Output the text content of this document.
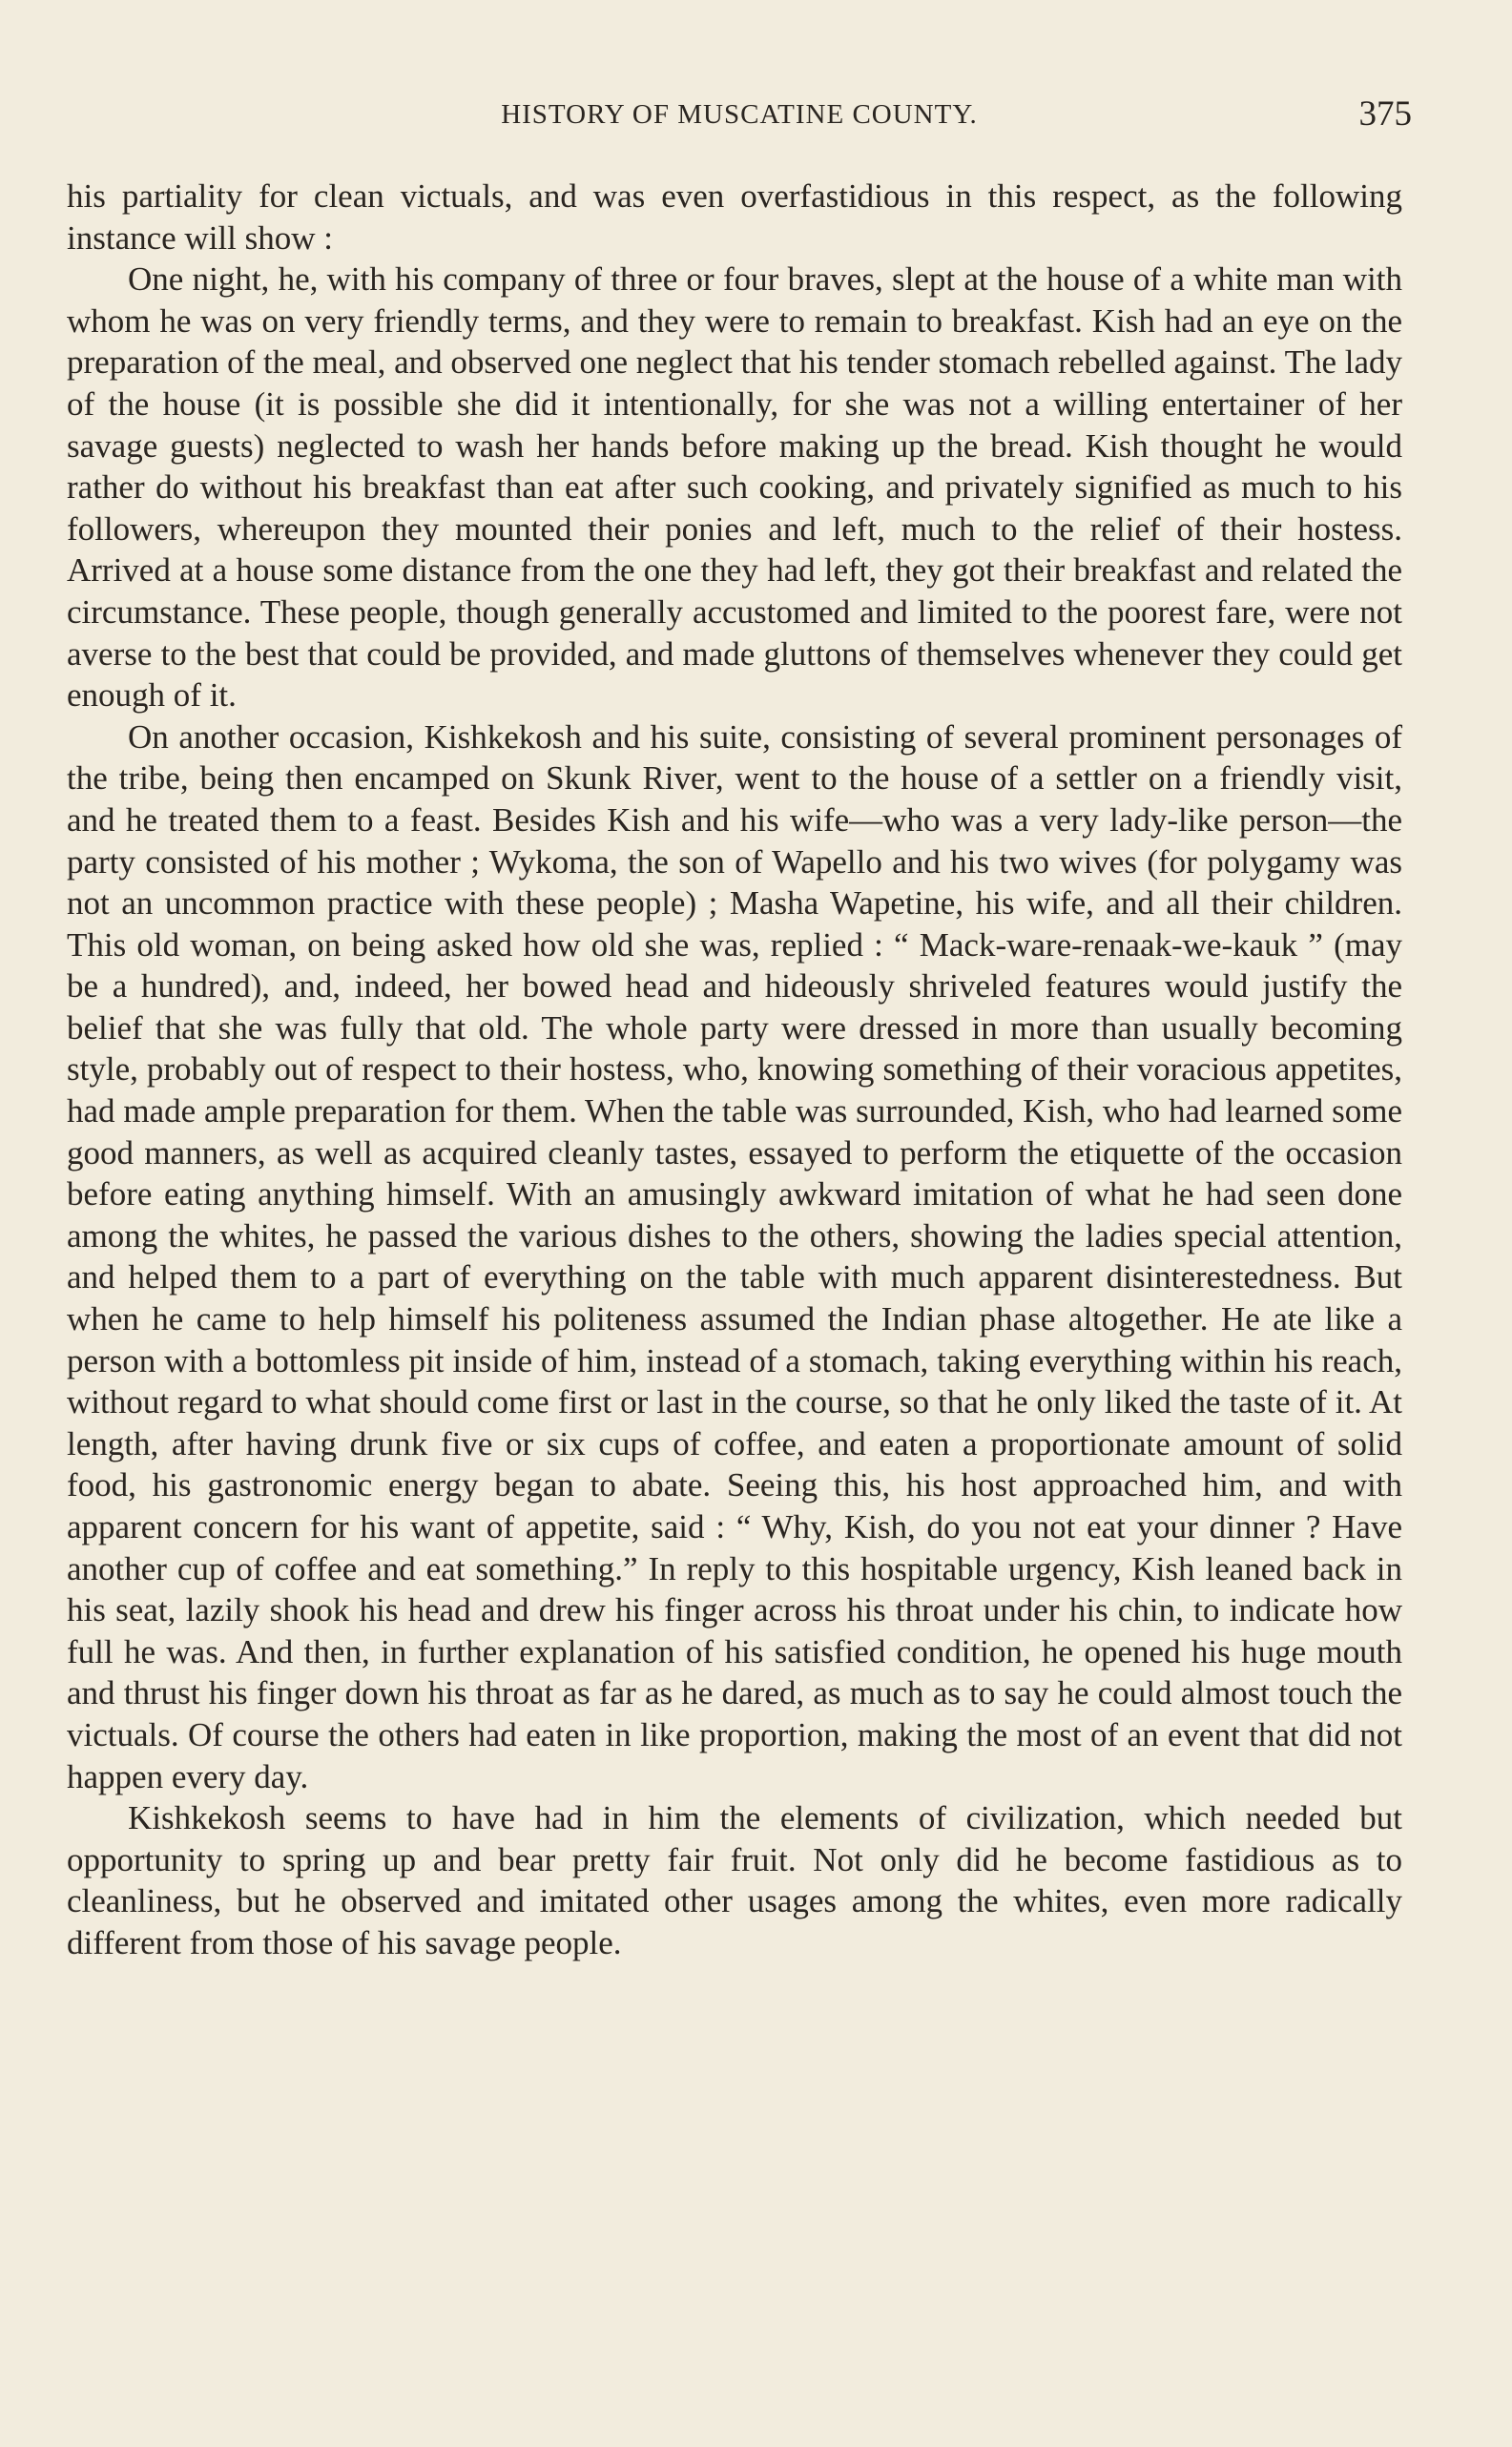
HISTORY OF MUSCATINE COUNTY.	375

his partiality for clean victuals, and was even overfastidious in this respect, as the following instance will show :

One night, he, with his company of three or four braves, slept at the house of a white man with whom he was on very friendly terms, and they were to remain to breakfast. Kish had an eye on the preparation of the meal, and observed one neglect that his tender stomach rebelled against. The lady of the house (it is possible she did it intentionally, for she was not a willing entertainer of her savage guests) neglected to wash her hands before making up the bread. Kish thought he would rather do without his breakfast than eat after such cooking, and privately signified as much to his followers, whereupon they mounted their ponies and left, much to the relief of their hostess. Arrived at a house some distance from the one they had left, they got their breakfast and related the circumstance. These people, though generally accustomed and limited to the poorest fare, were not averse to the best that could be provided, and made gluttons of themselves whenever they could get enough of it.

On another occasion, Kishkekosh and his suite, consisting of several prominent personages of the tribe, being then encamped on Skunk River, went to the house of a settler on a friendly visit, and he treated them to a feast. Besides Kish and his wife—who was a very lady-like person—the party consisted of his mother ; Wykoma, the son of Wapello and his two wives (for polygamy was not an uncommon practice with these people) ; Masha Wapetine, his wife, and all their children. This old woman, on being asked how old she was, replied : “ Mack-ware-renaak-we-kauk ” (may be a hundred), and, indeed, her bowed head and hideously shriveled features would justify the belief that she was fully that old. The whole party were dressed in more than usually becoming style, probably out of respect to their hostess, who, knowing something of their voracious appetites, had made ample preparation for them. When the table was surrounded, Kish, who had learned some good manners, as well as acquired cleanly tastes, essayed to perform the etiquette of the occasion before eating anything himself. With an amusingly awkward imitation of what he had seen done among the whites, he passed the various dishes to the others, showing the ladies special attention, and helped them to a part of everything on the table with much apparent disinterestedness. But when he came to help himself his politeness assumed the Indian phase altogether. He ate like a person with a bottomless pit inside of him, instead of a stomach, taking everything within his reach, without regard to what should come first or last in the course, so that he only liked the taste of it. At length, after having drunk five or six cups of coffee, and eaten a proportionate amount of solid food, his gastronomic energy began to abate. Seeing this, his host approached him, and with apparent concern for his want of appetite, said : “ Why, Kish, do you not eat your dinner ? Have another cup of coffee and eat something.” In reply to this hospitable urgency, Kish leaned back in his seat, lazily shook his head and drew his finger across his throat under his chin, to indicate how full he was. And then, in further explanation of his satisfied condition, he opened his huge mouth and thrust his finger down his throat as far as he dared, as much as to say he could almost touch the victuals. Of course the others had eaten in like proportion, making the most of an event that did not happen every day.

Kishkekosh seems to have had in him the elements of civilization, which needed but opportunity to spring up and bear pretty fair fruit. Not only did he become fastidious as to cleanliness, but he observed and imitated other usages among the whites, even more radically different from those of his savage people.
